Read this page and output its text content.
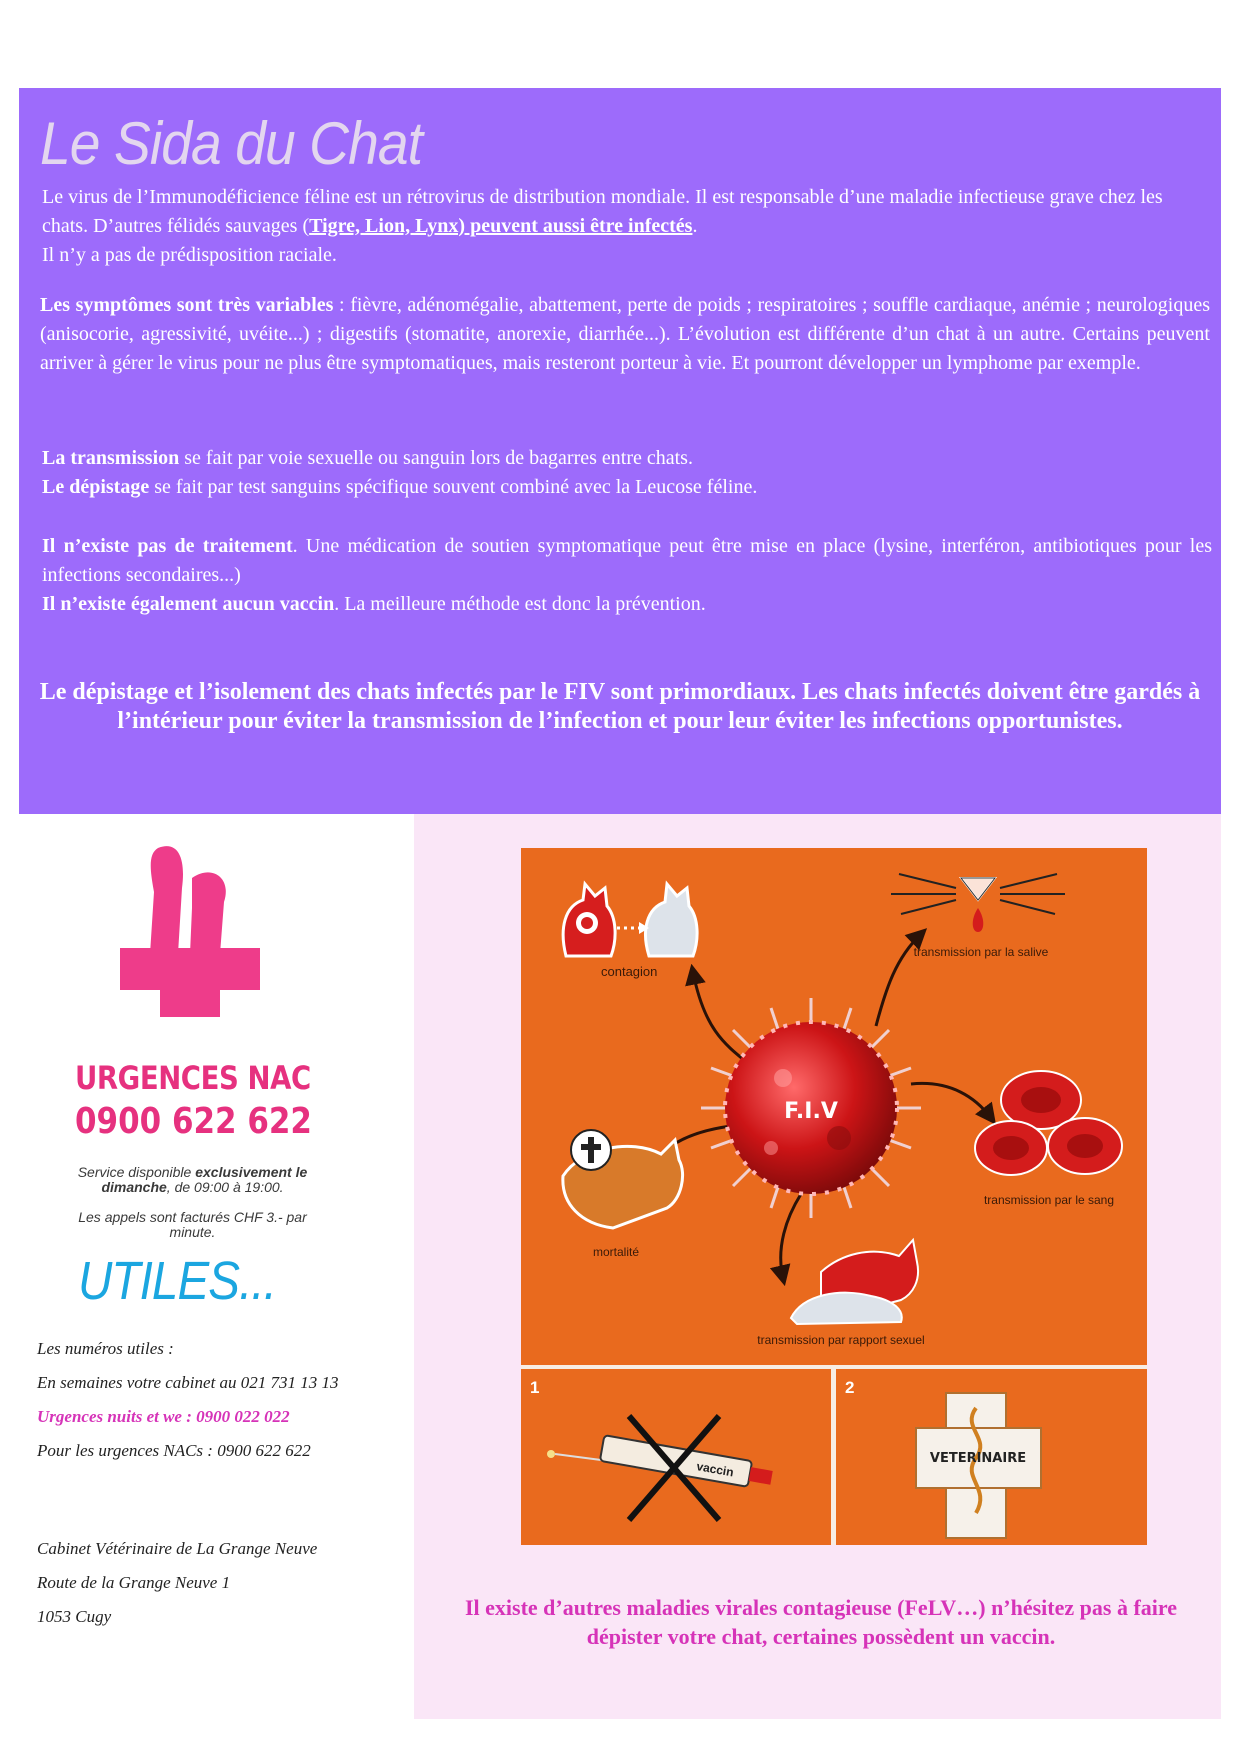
Le Sida du Chat

Le virus de l’Immunodéficience féline est un rétrovirus de distribution mondiale. Il est responsable d’une maladie infectieuse grave chez les chats. D’autres félidés sauvages (Tigre, Lion, Lynx) peuvent aussi être infectés.
Il n’y a pas de prédisposition raciale.

Les symptômes sont très variables : fièvre, adénomégalie, abattement, perte de poids ; respiratoires ; souffle cardiaque, anémie ; neurologiques (anisocorie, agressivité, uvéite...) ; digestifs (stomatite, anorexie, diarrhée...). L’évolution est différente d’un chat à un autre. Certains peuvent arriver à gérer le virus pour ne plus être symptomatiques, mais resteront porteur à vie. Et pourront développer un lymphome par exemple.

La transmission se fait par voie sexuelle ou sanguin lors de bagarres entre chats.
Le dépistage se fait par test sanguins spécifique souvent combiné avec la Leucose féline.

Il n’existe pas de traitement. Une médication de soutien symptomatique peut être mise en place (lysine, interféron, antibiotiques pour les infections secondaires...)
Il n’existe également aucun vaccin. La meilleure méthode est donc la prévention.

Le dépistage et l’isolement des chats infectés par le FIV sont primordiaux. Les chats infectés doivent être gardés à l’intérieur pour éviter la transmission de l’infection et pour leur éviter les infections opportunistes.

URGENCES NAC

0900 622 622

Service disponible exclusivement le dimanche, de 09:00 à 19:00.

Les appels sont facturés CHF 3.- par minute.

UTILES...

Les numéros utiles :

En semaines votre cabinet au 021 731 13 13

Urgences nuits et we : 0900 022 022

Pour les urgences NACs : 0900 622 622

Cabinet Vétérinaire de La Grange Neuve

Route de la Grange Neuve 1

1053 Cugy

contagion
transmission par la salive
F.I.V
transmission par le sang
mortalité
transmission par rapport sexuel
1
vaccin
2
VETERINAIRE

Il existe d’autres maladies virales contagieuse (FeLV…) n’hésitez pas à faire dépister votre chat, certaines possèdent un vaccin.
